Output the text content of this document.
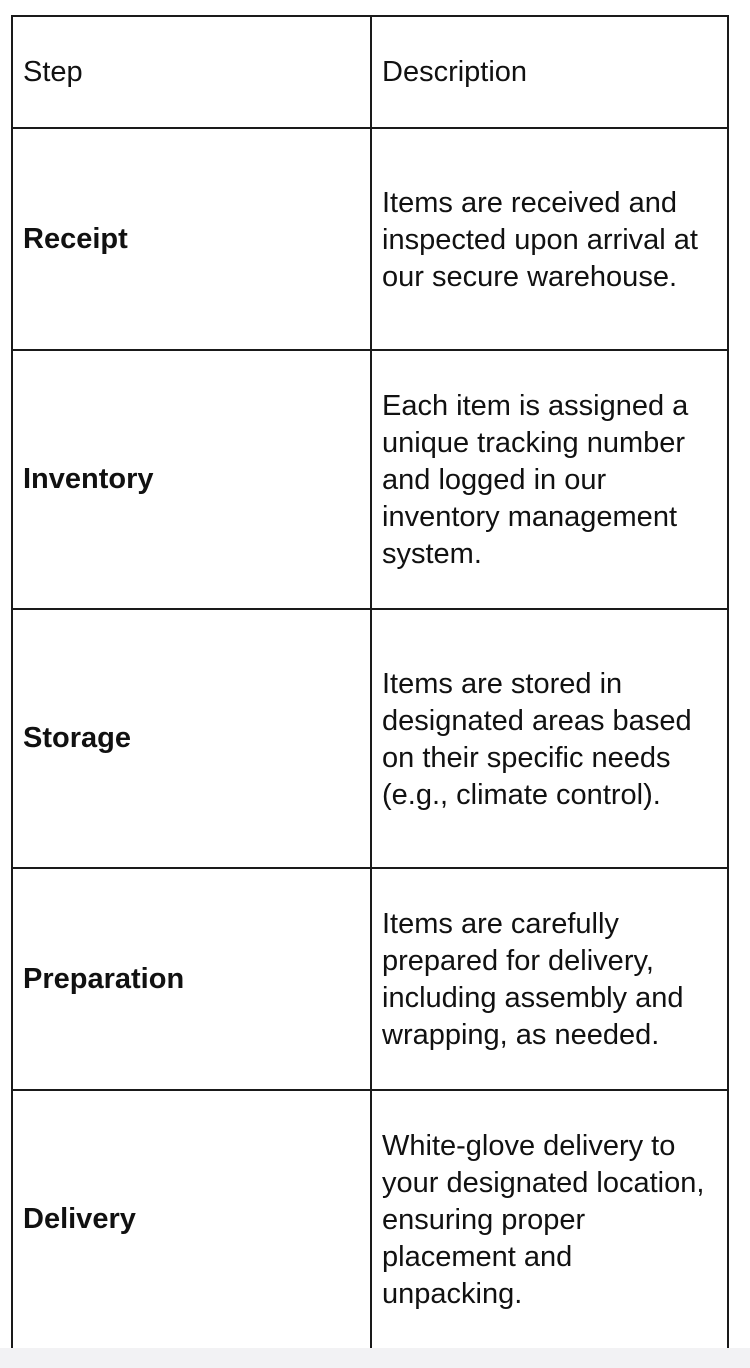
Step	Description
Receipt	Items are received and inspected upon arrival at our secure warehouse.
Inventory	Each item is assigned a unique tracking number and logged in our inventory management system.
Storage	Items are stored in designated areas based on their specific needs (e.g., climate control).
Preparation	Items are carefully prepared for delivery, including assembly and wrapping, as needed.
Delivery	White-glove delivery to your designated location, ensuring proper placement and unpacking.
